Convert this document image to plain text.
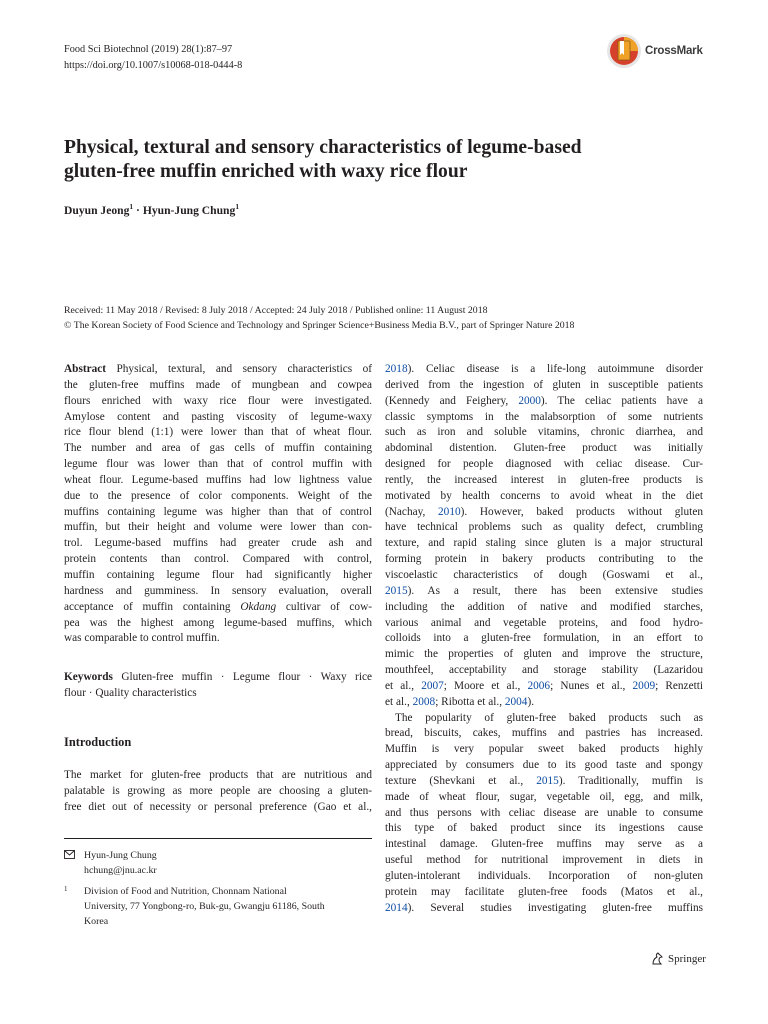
Food Sci Biotechnol (2019) 28(1):87–97
https://doi.org/10.1007/s10068-018-0444-8
CrossMark
Physical, textural and sensory characteristics of legume-based
gluten-free muffin enriched with waxy rice flour
Duyun Jeong$^1$ · Hyun-Jung Chung$^1$
Received: 11 May 2018 / Revised: 8 July 2018 / Accepted: 24 July 2018 / Published online: 11 August 2018
© The Korean Society of Food Science and Technology and Springer Science+Business Media B.V., part of Springer Nature 2018
Abstract Physical, textural, and sensory characteristics of
the gluten-free muffins made of mungbean and cowpea
flours enriched with waxy rice flour were investigated.
Amylose content and pasting viscosity of legume-waxy
rice flour blend (1:1) were lower than that of wheat flour.
The number and area of gas cells of muffin containing
legume flour was lower than that of control muffin with
wheat flour. Legume-based muffins had low lightness value
due to the presence of color components. Weight of the
muffins containing legume was higher than that of control
muffin, but their height and volume were lower than con-
trol. Legume-based muffins had greater crude ash and
protein contents than control. Compared with control,
muffin containing legume flour had significantly higher
hardness and gumminess. In sensory evaluation, overall
acceptance of muffin containing Okdang cultivar of cow-
pea was the highest among legume-based muffins, which
was comparable to control muffin.
Keywords Gluten-free muffin · Legume flour · Waxy rice
flour · Quality characteristics
Introduction
The market for gluten-free products that are nutritious and
palatable is growing as more people are choosing a gluten-
free diet out of necessity or personal preference (Gao et al.,
Hyun-Jung Chung
hchung@jnu.ac.kr
1 Division of Food and Nutrition, Chonnam National
University, 77 Yongbong-ro, Buk-gu, Gwangju 61186, South
Korea
2018). Celiac disease is a life-long autoimmune disorder
derived from the ingestion of gluten in susceptible patients
(Kennedy and Feighery, 2000). The celiac patients have a
classic symptoms in the malabsorption of some nutrients
such as iron and soluble vitamins, chronic diarrhea, and
abdominal distention. Gluten-free product was initially
designed for people diagnosed with celiac disease. Cur-
rently, the increased interest in gluten-free products is
motivated by health concerns to avoid wheat in the diet
(Nachay, 2010). However, baked products without gluten
have technical problems such as quality defect, crumbling
texture, and rapid staling since gluten is a major structural
forming protein in bakery products contributing to the
viscoelastic characteristics of dough (Goswami et al.,
2015). As a result, there has been extensive studies
including the addition of native and modified starches,
various animal and vegetable proteins, and food hydro-
colloids into a gluten-free formulation, in an effort to
mimic the properties of gluten and improve the structure,
mouthfeel, acceptability and storage stability (Lazaridou
et al., 2007; Moore et al., 2006; Nunes et al., 2009; Renzetti
et al., 2008; Ribotta et al., 2004).
The popularity of gluten-free baked products such as
bread, biscuits, cakes, muffins and pastries has increased.
Muffin is very popular sweet baked products highly
appreciated by consumers due to its good taste and spongy
texture (Shevkani et al., 2015). Traditionally, muffin is
made of wheat flour, sugar, vegetable oil, egg, and milk,
and thus persons with celiac disease are unable to consume
this type of baked product since its ingestions cause
intestinal damage. Gluten-free muffins may serve as a
useful method for nutritional improvement in diets in
gluten-intolerant individuals. Incorporation of non-gluten
protein may facilitate gluten-free foods (Matos et al.,
2014). Several studies investigating gluten-free muffins
Springer
